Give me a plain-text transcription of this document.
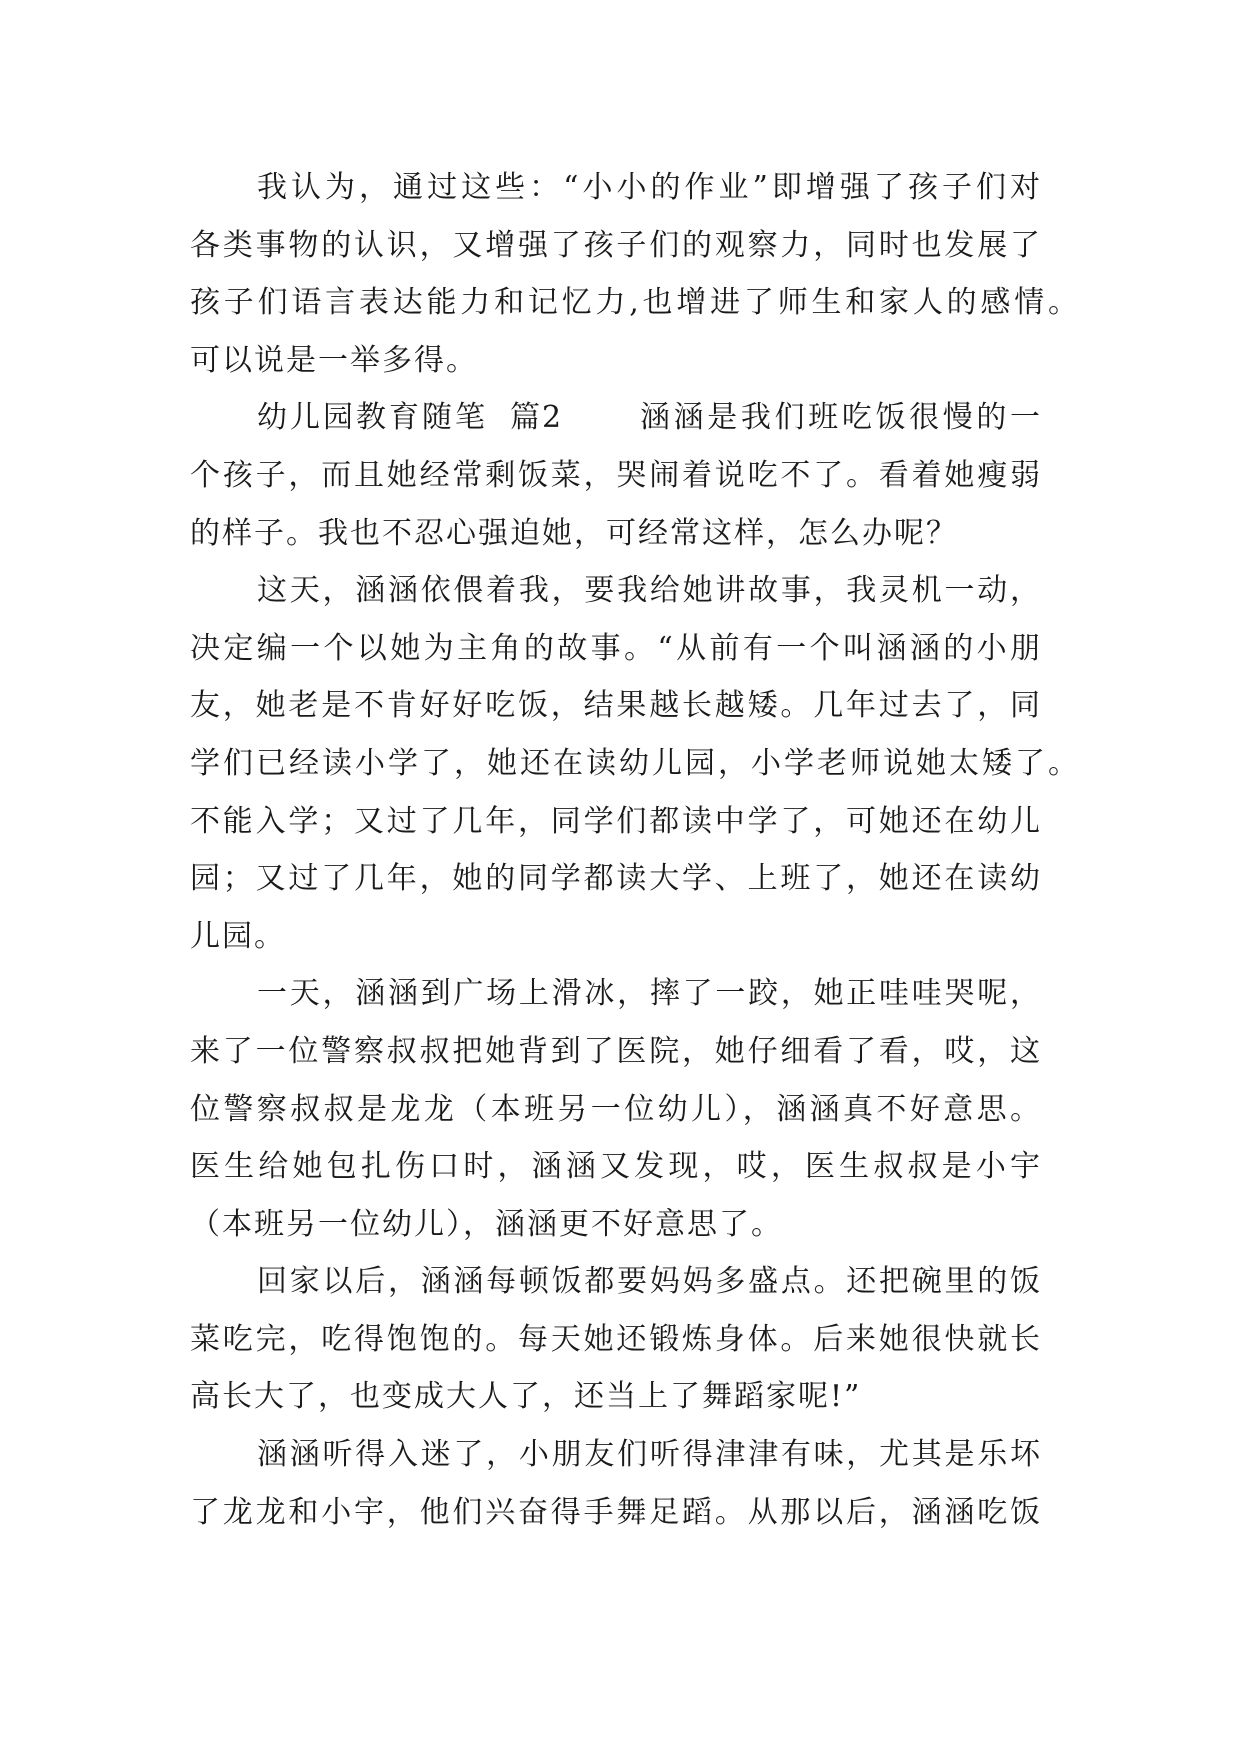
我认为，通过这些：“小小的作业”即增强了孩子们对
各类事物的认识，又增强了孩子们的观察力，同时也发展了
孩子们语言表达能力和记忆力,也增进了师生和家人的感情。
可以说是一举多得。
幼儿园教育随笔 篇2	涵涵是我们班吃饭很慢的一
个孩子，而且她经常剩饭菜，哭闹着说吃不了。看着她瘦弱
的样子。我也不忍心强迫她，可经常这样，怎么办呢？
这天，涵涵依偎着我，要我给她讲故事，我灵机一动，
决定编一个以她为主角的故事。“从前有一个叫涵涵的小朋
友，她老是不肯好好吃饭，结果越长越矮。几年过去了，同
学们已经读小学了，她还在读幼儿园，小学老师说她太矮了。
不能入学；又过了几年，同学们都读中学了，可她还在幼儿
园；又过了几年，她的同学都读大学、上班了，她还在读幼
儿园。
一天，涵涵到广场上滑冰，摔了一跤，她正哇哇哭呢，
来了一位警察叔叔把她背到了医院，她仔细看了看，哎，这
位警察叔叔是龙龙（本班另一位幼儿），涵涵真不好意思。
医生给她包扎伤口时，涵涵又发现，哎，医生叔叔是小宇
（本班另一位幼儿），涵涵更不好意思了。
回家以后，涵涵每顿饭都要妈妈多盛点。还把碗里的饭
菜吃完，吃得饱饱的。每天她还锻炼身体。后来她很快就长
高长大了，也变成大人了，还当上了舞蹈家呢!”
涵涵听得入迷了，小朋友们听得津津有味，尤其是乐坏
了龙龙和小宇，他们兴奋得手舞足蹈。从那以后，涵涵吃饭
